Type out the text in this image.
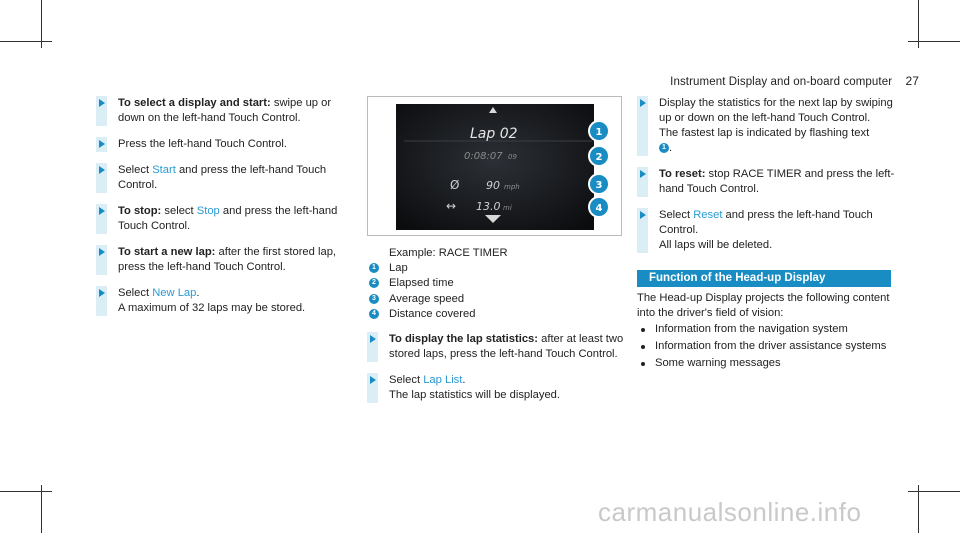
Instrument Display and on-board computer 27
To select a display and start: swipe up or down on the left-hand Touch Control.
Press the left-hand Touch Control.
Select Start and press the left-hand Touch Control.
To stop: select Stop and press the left-hand Touch Control.
To start a new lap: after the first stored lap, press the left-hand Touch Control.
Select New Lap.
A maximum of 32 laps may be stored.
Lap 02
0:08:07 09
Ø 90 mph
↔ 13.0 mi
1
2
3
4
Example: RACE TIMER
1 Lap
2 Elapsed time
3 Average speed
4 Distance covered
To display the lap statistics: after at least two stored laps, press the left-hand Touch Control.
Select Lap List.
The lap statistics will be displayed.
Display the statistics for the next lap by swiping up or down on the left-hand Touch Control.
The fastest lap is indicated by flashing text
1 .
To reset: stop RACE TIMER and press the left-hand Touch Control.
Select Reset and press the left-hand Touch Control.
All laps will be deleted.
Function of the Head-up Display
The Head-up Display projects the following content into the driver's field of vision:
Information from the navigation system
Information from the driver assistance systems
Some warning messages
carmanualsonline.info
